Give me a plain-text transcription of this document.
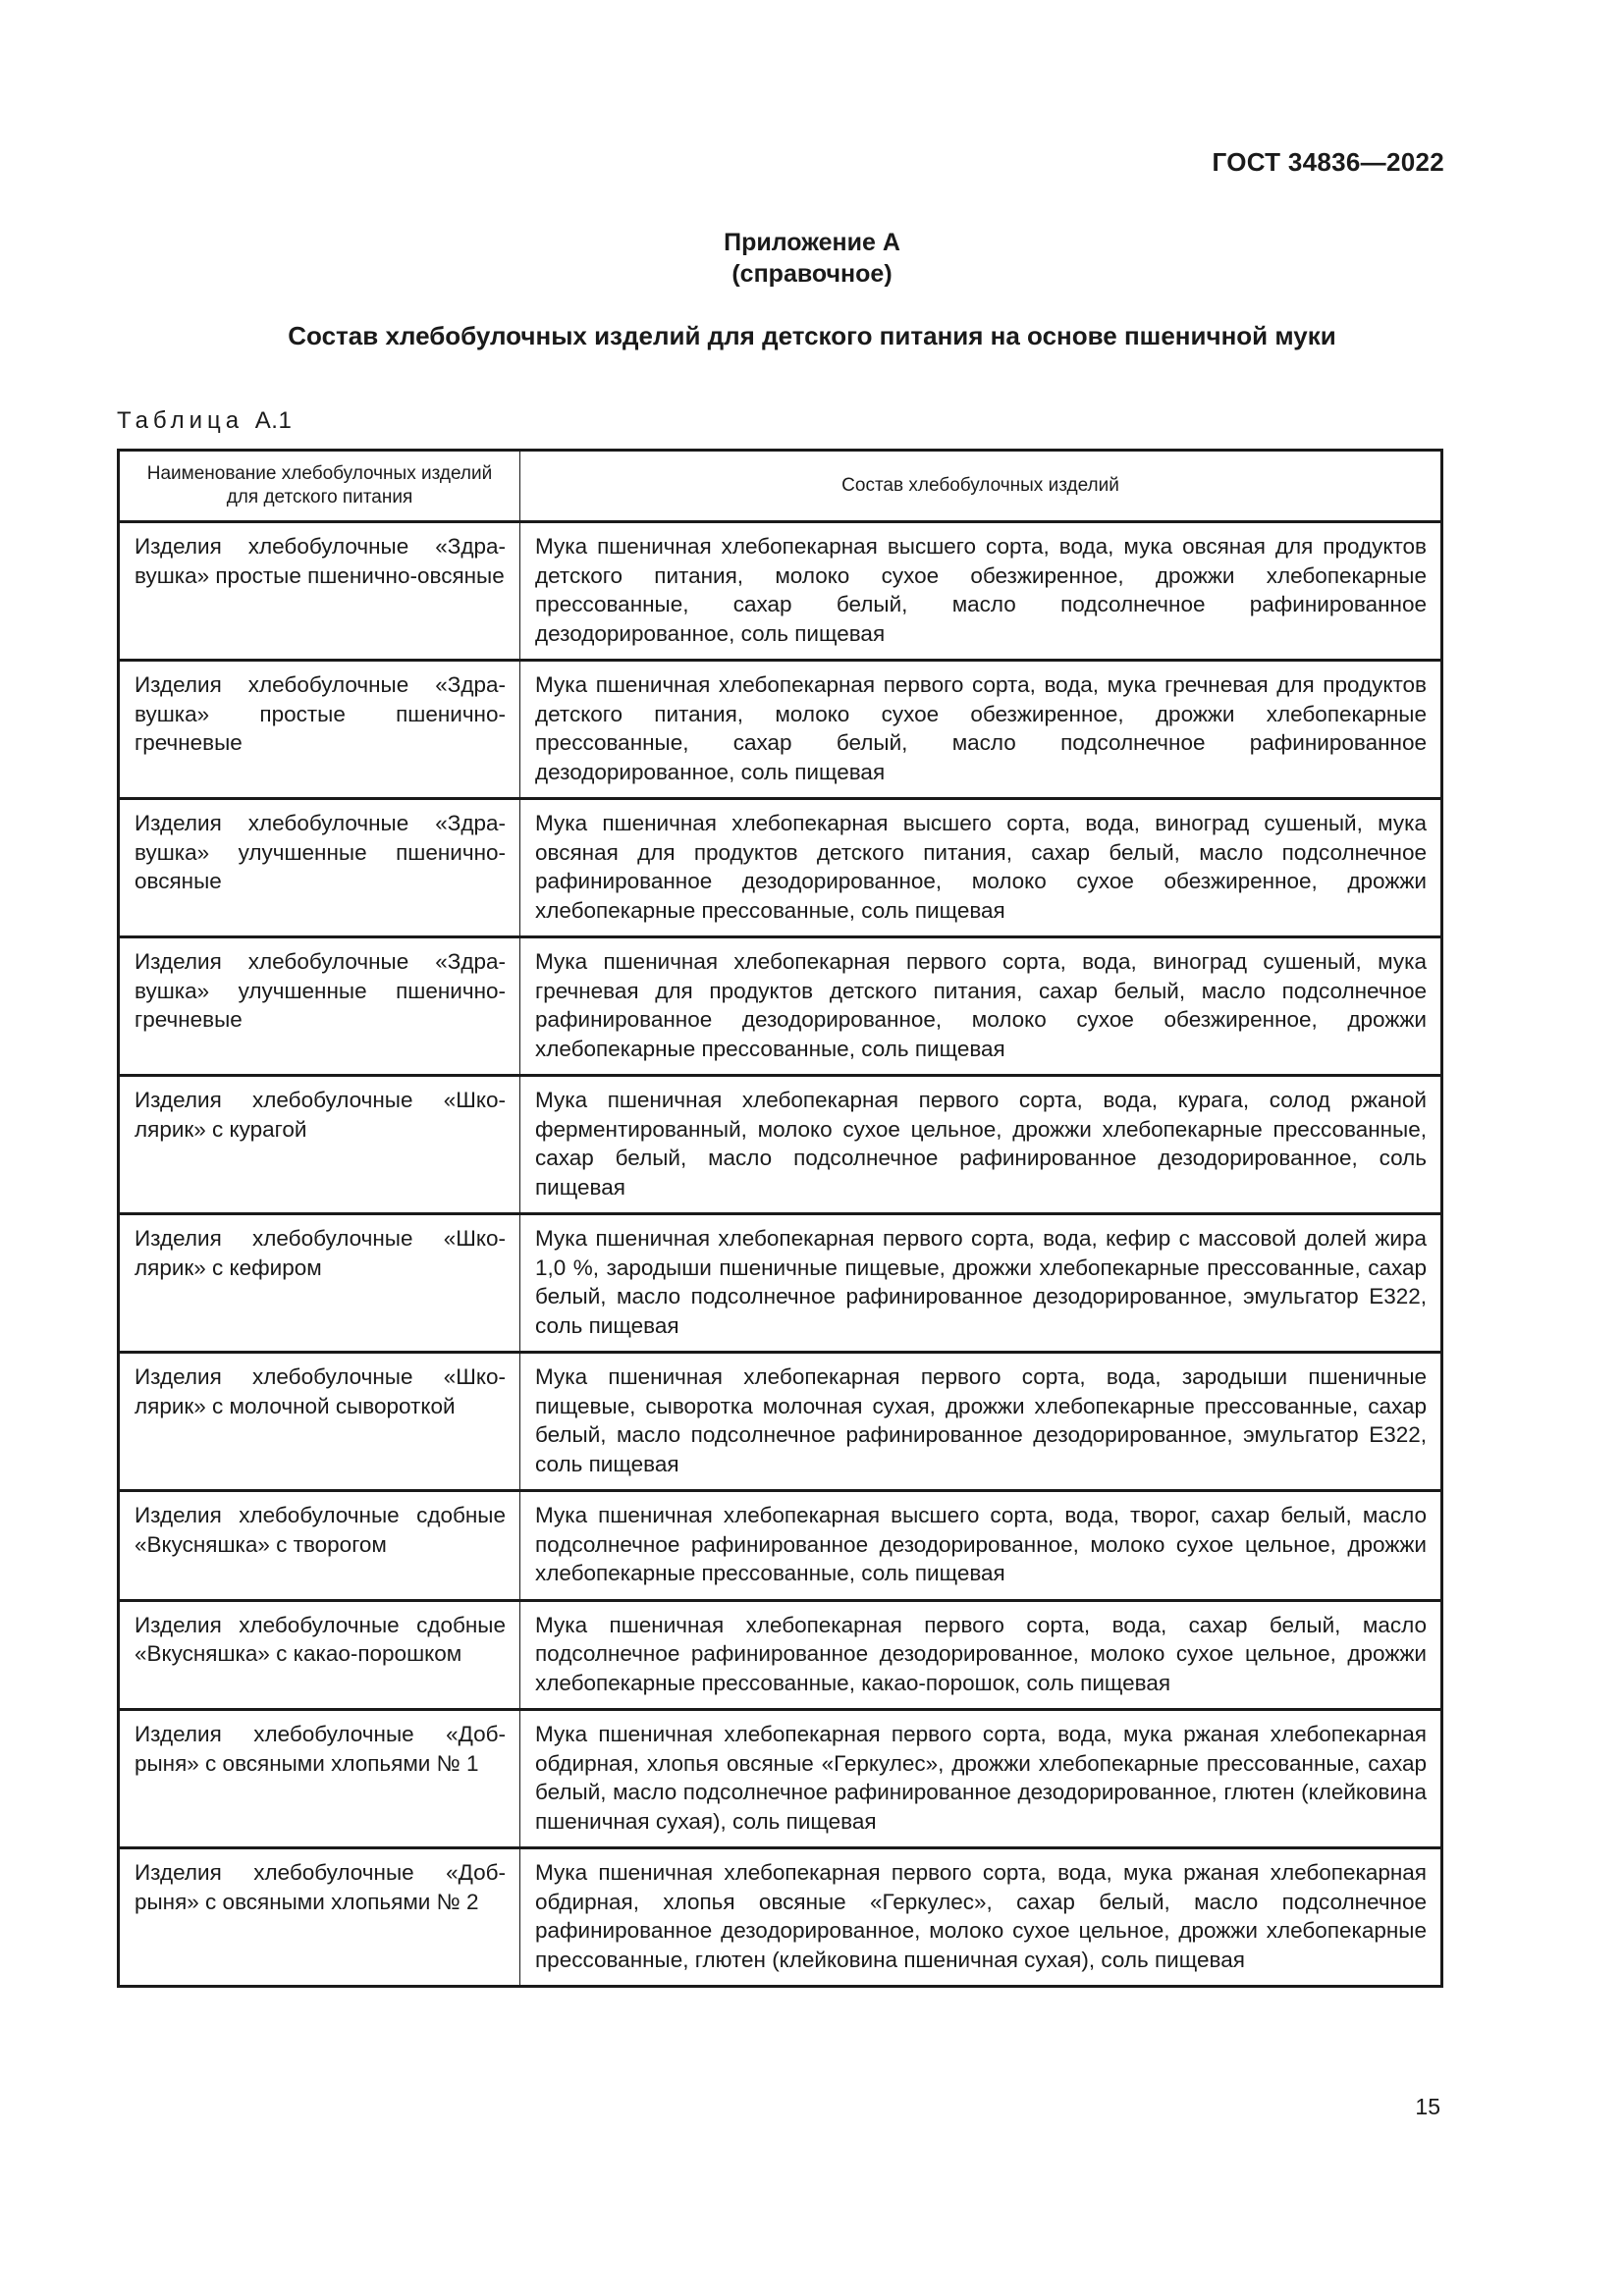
ГОСТ 34836—2022
Приложение А
(справочное)
Состав хлебобулочных изделий для детского питания на основе пшеничной муки
Таблица А.1
Наименование хлебобулочных изделий для детского питания	Состав хлебобулочных изделий
Изделия хлебобулочные «Здравушка» простые пшенично-овсяные	Мука пшеничная хлебопекарная высшего сорта, вода, мука овсяная для продуктов детского питания, молоко сухое обезжиренное, дрожжи хлебопекарные прессованные, сахар белый, масло подсолнечное рафинированное дезодорированное, соль пищевая
Изделия хлебобулочные «Здравушка» простые пшенично-гречневые	Мука пшеничная хлебопекарная первого сорта, вода, мука гречневая для продуктов детского питания, молоко сухое обезжиренное, дрожжи хлебопекарные прессованные, сахар белый, масло подсолнечное рафинированное дезодорированное, соль пищевая
Изделия хлебобулочные «Здравушка» улучшенные пшенично-овсяные	Мука пшеничная хлебопекарная высшего сорта, вода, виноград сушеный, мука овсяная для продуктов детского питания, сахар белый, масло подсолнечное рафинированное дезодорированное, молоко сухое обезжиренное, дрожжи хлебопекарные прессованные, соль пищевая
Изделия хлебобулочные «Здравушка» улучшенные пшенично-гречневые	Мука пшеничная хлебопекарная первого сорта, вода, виноград сушеный, мука гречневая для продуктов детского питания, сахар белый, масло подсолнечное рафинированное дезодорированное, молоко сухое обезжиренное, дрожжи хлебопекарные прессованные, соль пищевая
Изделия хлебобулочные «Школярик» с курагой	Мука пшеничная хлебопекарная первого сорта, вода, курага, солод ржаной ферментированный, молоко сухое цельное, дрожжи хлебопекарные прессованные, сахар белый, масло подсолнечное рафинированное дезодорированное, соль пищевая
Изделия хлебобулочные «Школярик» с кефиром	Мука пшеничная хлебопекарная первого сорта, вода, кефир с массовой долей жира 1,0 %, зародыши пшеничные пищевые, дрожжи хлебопекарные прессованные, сахар белый, масло подсолнечное рафинированное дезодорированное, эмульгатор Е322, соль пищевая
Изделия хлебобулочные «Школярик» с молочной сывороткой	Мука пшеничная хлебопекарная первого сорта, вода, зародыши пшеничные пищевые, сыворотка молочная сухая, дрожжи хлебопекарные прессованные, сахар белый, масло подсолнечное рафинированное дезодорированное, эмульгатор Е322, соль пищевая
Изделия хлебобулочные сдобные «Вкусняшка» с творогом	Мука пшеничная хлебопекарная высшего сорта, вода, творог, сахар белый, масло подсолнечное рафинированное дезодорированное, молоко сухое цельное, дрожжи хлебопекарные прессованные, соль пищевая
Изделия хлебобулочные сдобные «Вкусняшка» с какао-порошком	Мука пшеничная хлебопекарная первого сорта, вода, сахар белый, масло подсолнечное рафинированное дезодорированное, молоко сухое цельное, дрожжи хлебопекарные прессованные, какао-порошок, соль пищевая
Изделия хлебобулочные «Добрыня» с овсяными хлопьями № 1	Мука пшеничная хлебопекарная первого сорта, вода, мука ржаная хлебопекарная обдирная, хлопья овсяные «Геркулес», дрожжи хлебопекарные прессованные, сахар белый, масло подсолнечное рафинированное дезодорированное, глютен (клейковина пшеничная сухая), соль пищевая
Изделия хлебобулочные «Добрыня» с овсяными хлопьями № 2	Мука пшеничная хлебопекарная первого сорта, вода, мука ржаная хлебопекарная обдирная, хлопья овсяные «Геркулес», сахар белый, масло подсолнечное рафинированное дезодорированное, молоко сухое цельное, дрожжи хлебопекарные прессованные, глютен (клейковина пшеничная сухая), соль пищевая
15
